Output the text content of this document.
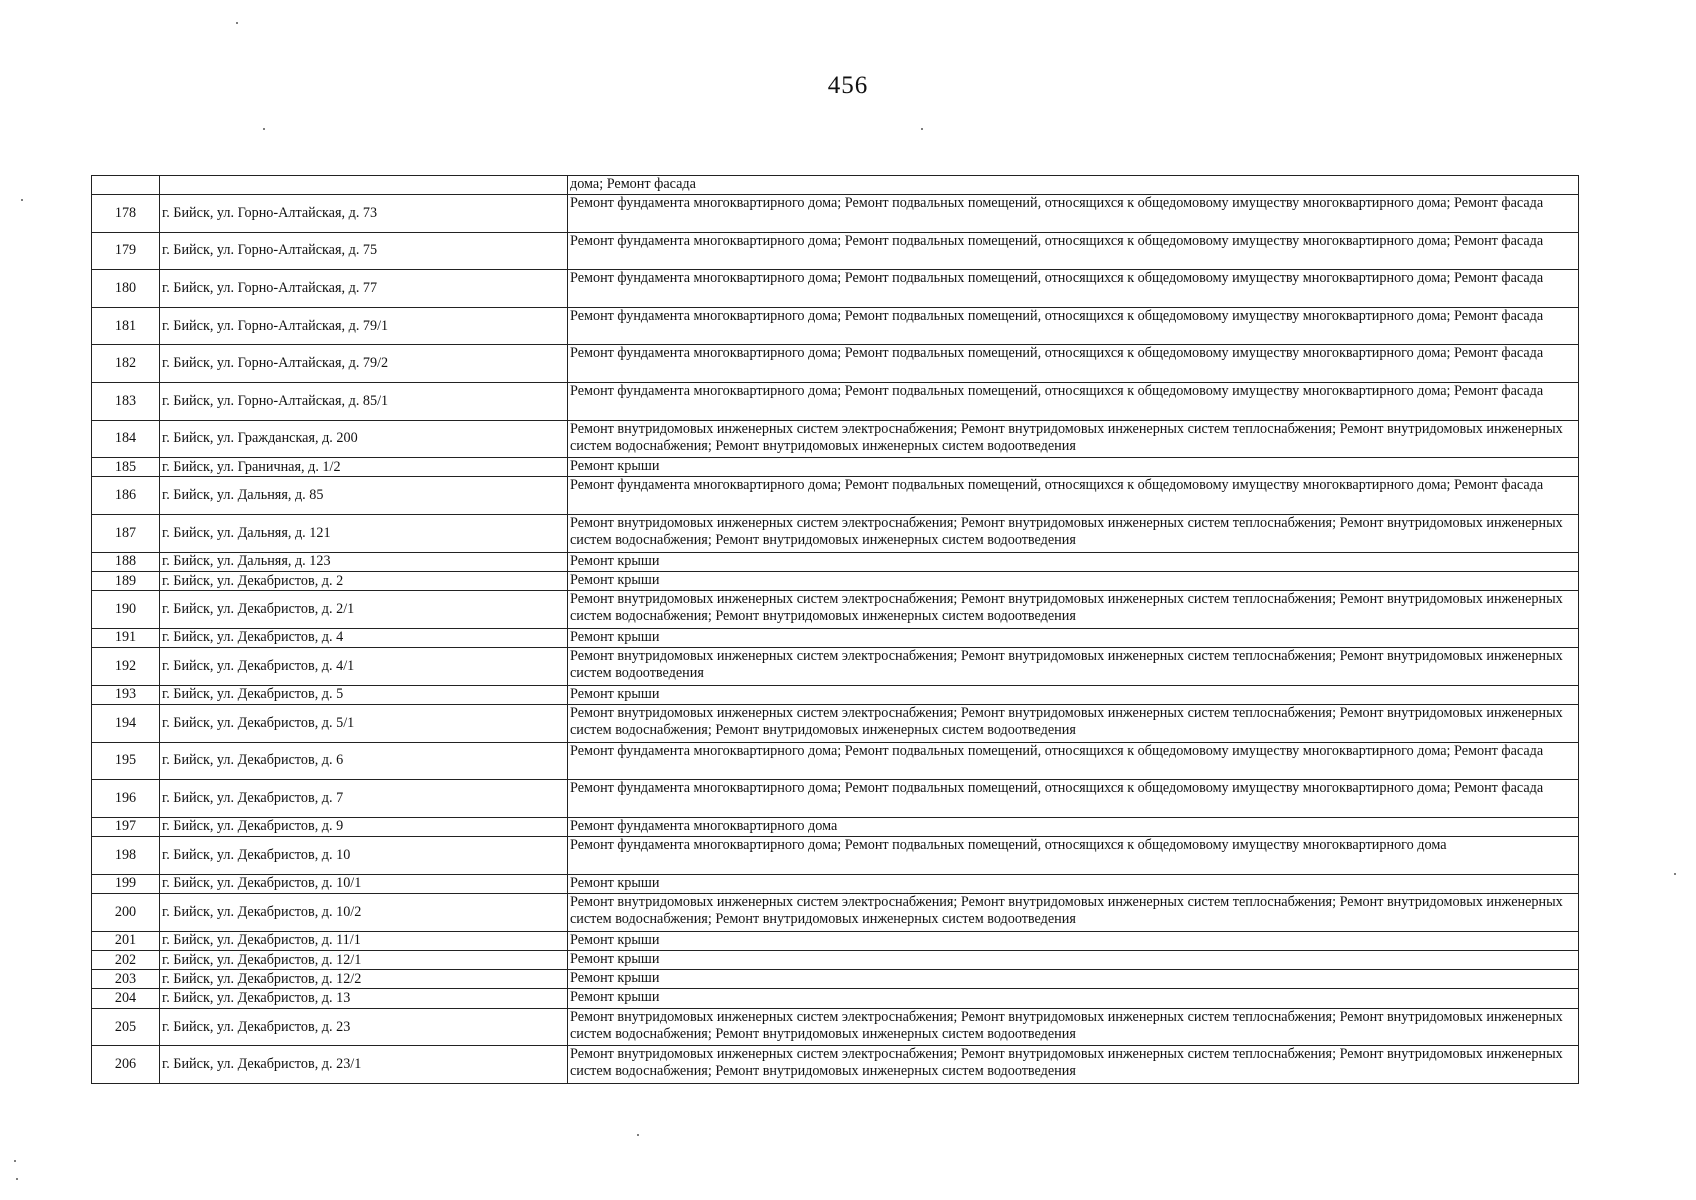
456
		дома; Ремонт фасада
178	г. Бийск, ул. Горно-Алтайская, д. 73	Ремонт фундамента многоквартирного дома; Ремонт подвальных помещений, относящихся к общедомовому имуществу многоквартирного дома; Ремонт фасада
179	г. Бийск, ул. Горно-Алтайская, д. 75	Ремонт фундамента многоквартирного дома; Ремонт подвальных помещений, относящихся к общедомовому имуществу многоквартирного дома; Ремонт фасада
180	г. Бийск, ул. Горно-Алтайская, д. 77	Ремонт фундамента многоквартирного дома; Ремонт подвальных помещений, относящихся к общедомовому имуществу многоквартирного дома; Ремонт фасада
181	г. Бийск, ул. Горно-Алтайская, д. 79/1	Ремонт фундамента многоквартирного дома; Ремонт подвальных помещений, относящихся к общедомовому имуществу многоквартирного дома; Ремонт фасада
182	г. Бийск, ул. Горно-Алтайская, д. 79/2	Ремонт фундамента многоквартирного дома; Ремонт подвальных помещений, относящихся к общедомовому имуществу многоквартирного дома; Ремонт фасада
183	г. Бийск, ул. Горно-Алтайская, д. 85/1	Ремонт фундамента многоквартирного дома; Ремонт подвальных помещений, относящихся к общедомовому имуществу многоквартирного дома; Ремонт фасада
184	г. Бийск, ул. Гражданская, д. 200	Ремонт внутридомовых инженерных систем электроснабжения; Ремонт внутридомовых инженерных систем теплоснабжения; Ремонт внутридомовых инженерных систем водоснабжения; Ремонт внутридомовых инженерных систем водоотведения
185	г. Бийск, ул. Граничная, д. 1/2	Ремонт крыши
186	г. Бийск, ул. Дальняя, д. 85	Ремонт фундамента многоквартирного дома; Ремонт подвальных помещений, относящихся к общедомовому имуществу многоквартирного дома; Ремонт фасада
187	г. Бийск, ул. Дальняя, д. 121	Ремонт внутридомовых инженерных систем электроснабжения; Ремонт внутридомовых инженерных систем теплоснабжения; Ремонт внутридомовых инженерных систем водоснабжения; Ремонт внутридомовых инженерных систем водоотведения
188	г. Бийск, ул. Дальняя, д. 123	Ремонт крыши
189	г. Бийск, ул. Декабристов, д. 2	Ремонт крыши
190	г. Бийск, ул. Декабристов, д. 2/1	Ремонт внутридомовых инженерных систем электроснабжения; Ремонт внутридомовых инженерных систем теплоснабжения; Ремонт внутридомовых инженерных систем водоснабжения; Ремонт внутридомовых инженерных систем водоотведения
191	г. Бийск, ул. Декабристов, д. 4	Ремонт крыши
192	г. Бийск, ул. Декабристов, д. 4/1	Ремонт внутридомовых инженерных систем электроснабжения; Ремонт внутридомовых инженерных систем теплоснабжения; Ремонт внутридомовых инженерных систем водоотведения
193	г. Бийск, ул. Декабристов, д. 5	Ремонт крыши
194	г. Бийск, ул. Декабристов, д. 5/1	Ремонт внутридомовых инженерных систем электроснабжения; Ремонт внутридомовых инженерных систем теплоснабжения; Ремонт внутридомовых инженерных систем водоснабжения; Ремонт внутридомовых инженерных систем водоотведения
195	г. Бийск, ул. Декабристов, д. 6	Ремонт фундамента многоквартирного дома; Ремонт подвальных помещений, относящихся к общедомовому имуществу многоквартирного дома; Ремонт фасада
196	г. Бийск, ул. Декабристов, д. 7	Ремонт фундамента многоквартирного дома; Ремонт подвальных помещений, относящихся к общедомовому имуществу многоквартирного дома; Ремонт фасада
197	г. Бийск, ул. Декабристов, д. 9	Ремонт фундамента многоквартирного дома
198	г. Бийск, ул. Декабристов, д. 10	Ремонт фундамента многоквартирного дома; Ремонт подвальных помещений, относящихся к общедомовому имуществу многоквартирного дома
199	г. Бийск, ул. Декабристов, д. 10/1	Ремонт крыши
200	г. Бийск, ул. Декабристов, д. 10/2	Ремонт внутридомовых инженерных систем электроснабжения; Ремонт внутридомовых инженерных систем теплоснабжения; Ремонт внутридомовых инженерных систем водоснабжения; Ремонт внутридомовых инженерных систем водоотведения
201	г. Бийск, ул. Декабристов, д. 11/1	Ремонт крыши
202	г. Бийск, ул. Декабристов, д. 12/1	Ремонт крыши
203	г. Бийск, ул. Декабристов, д. 12/2	Ремонт крыши
204	г. Бийск, ул. Декабристов, д. 13	Ремонт крыши
205	г. Бийск, ул. Декабристов, д. 23	Ремонт внутридомовых инженерных систем электроснабжения; Ремонт внутридомовых инженерных систем теплоснабжения; Ремонт внутридомовых инженерных систем водоснабжения; Ремонт внутридомовых инженерных систем водоотведения
206	г. Бийск, ул. Декабристов, д. 23/1	Ремонт внутридомовых инженерных систем электроснабжения; Ремонт внутридомовых инженерных систем теплоснабжения; Ремонт внутридомовых инженерных систем водоснабжения; Ремонт внутридомовых инженерных систем водоотведения
